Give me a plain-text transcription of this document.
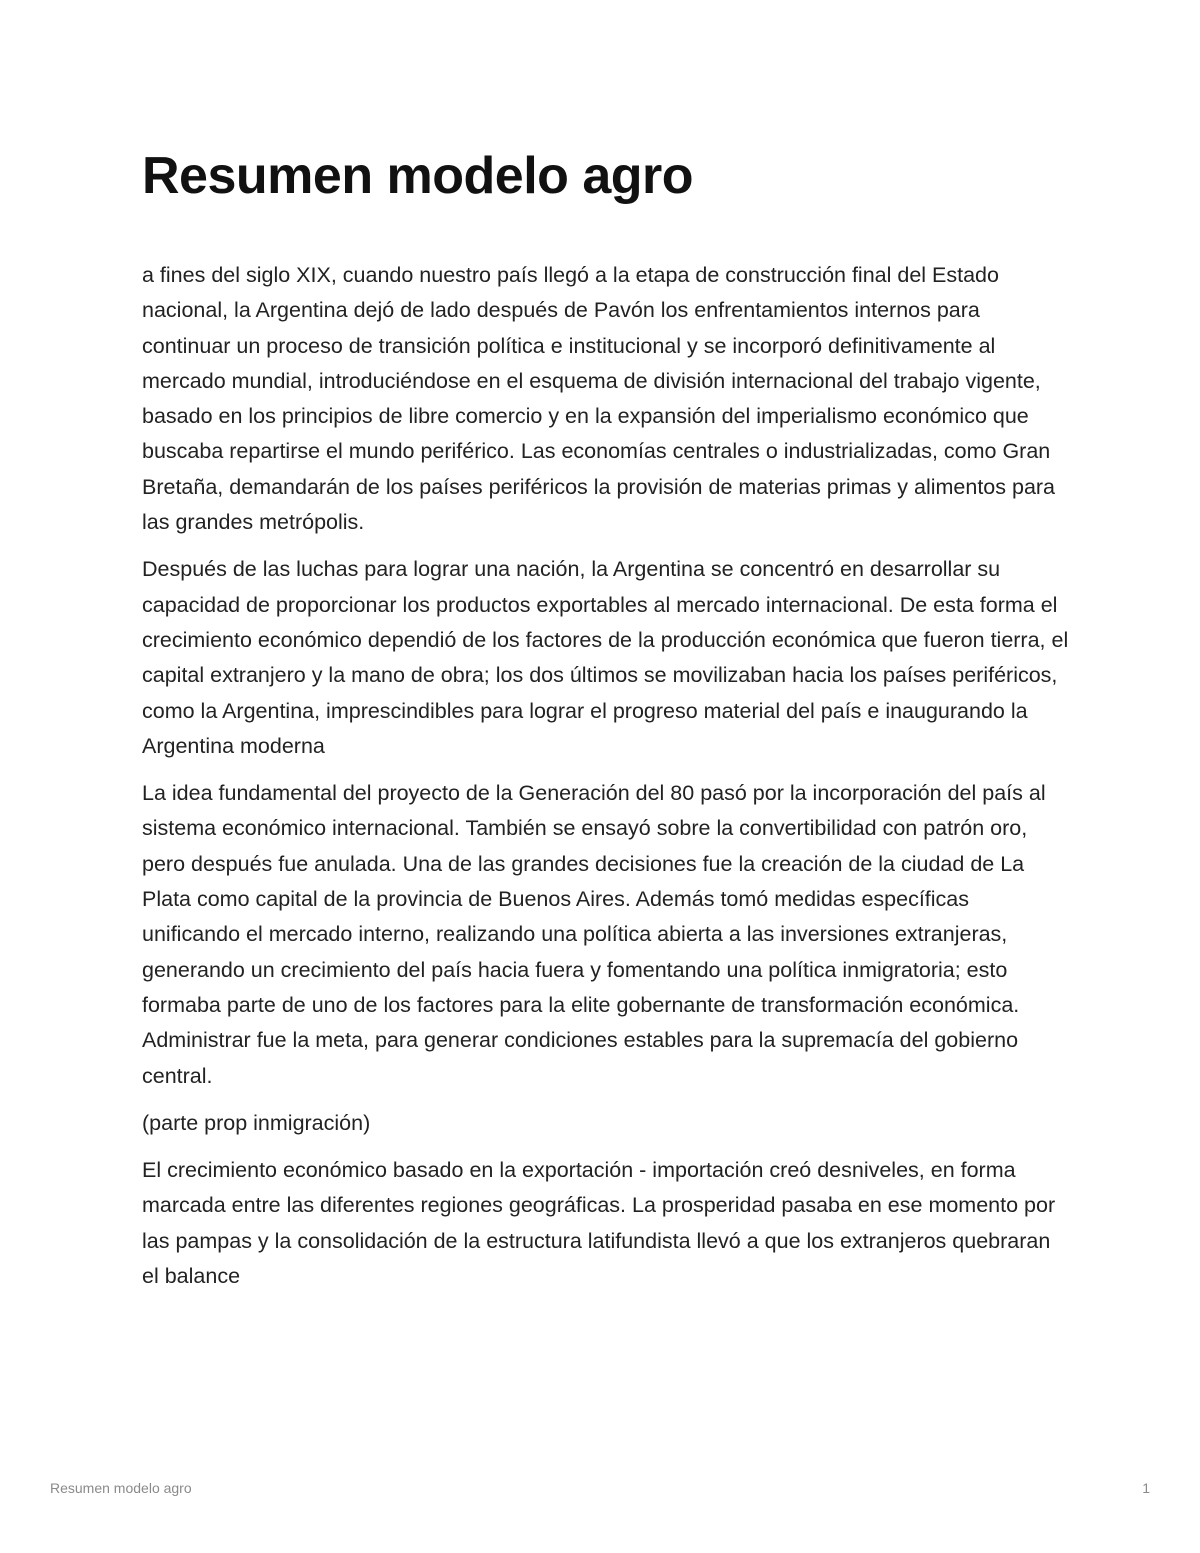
Resumen modelo agro

a fines del siglo XIX, cuando nuestro país llegó a la etapa de construcción final del Estado nacional, la Argentina dejó de lado después de Pavón los enfrentamientos internos para continuar un proceso de transición política e institucional y se incorporó definitivamente al mercado mundial, introduciéndose en el esquema de división internacional del trabajo vigente, basado en los principios de libre comercio y en la expansión del imperialismo económico que buscaba repartirse el mundo periférico. Las economías centrales o industrializadas, como Gran Bretaña, demandarán de los países periféricos la provisión de materias primas y alimentos para las grandes metrópolis.

Después de las luchas para lograr una nación, la Argentina se concentró en desarrollar su capacidad de proporcionar los productos exportables al mercado internacional. De esta forma el crecimiento económico dependió de los factores de la producción económica que fueron tierra, el capital extranjero y la mano de obra; los dos últimos se movilizaban hacia los países periféricos, como la Argentina, imprescindibles para lograr el progreso material del país e inaugurando la Argentina moderna

La idea fundamental del proyecto de la Generación del 80 pasó por la incorporación del país al sistema económico internacional. También se ensayó sobre la convertibilidad con patrón oro, pero después fue anulada. Una de las grandes decisiones fue la creación de la ciudad de La Plata como capital de la provincia de Buenos Aires. Además tomó medidas específicas unificando el mercado interno, realizando una política abierta a las inversiones extranjeras, generando un crecimiento del país hacia fuera y fomentando una política inmigratoria; esto formaba parte de uno de los factores para la elite gobernante de transformación económica. Administrar fue la meta, para generar condiciones estables para la supremacía del gobierno central.

(parte prop inmigración)

El crecimiento económico basado en la exportación - importación creó desniveles, en forma marcada entre las diferentes regiones geográficas. La prosperidad pasaba en ese momento por las pampas y la consolidación de la estructura latifundista llevó a que los extranjeros quebraran el balance

Resumen modelo agro	1
